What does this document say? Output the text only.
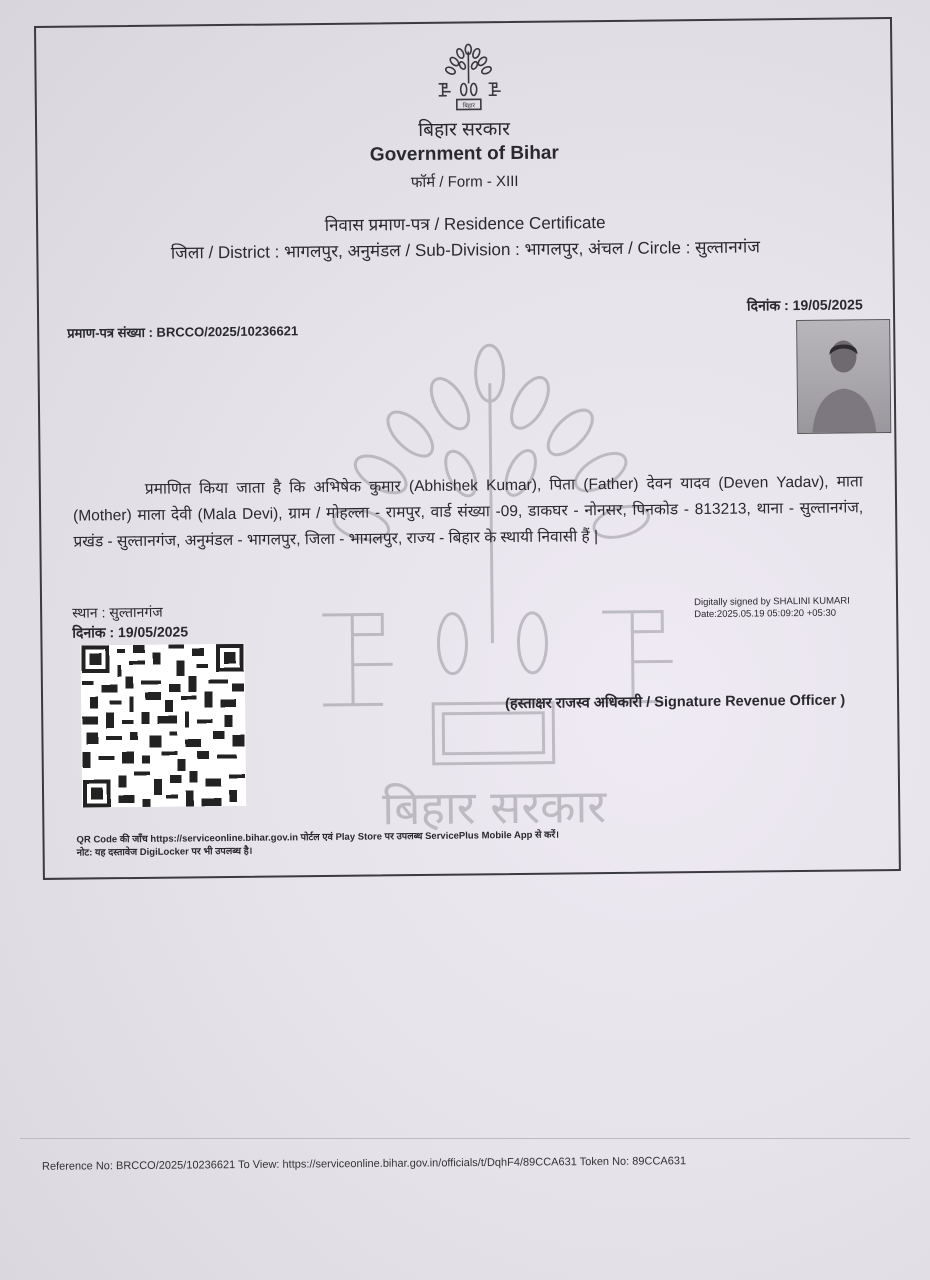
बिहार
बिहार सरकार
Government of Bihar
फॉर्म / Form - XIII
निवास प्रमाण-पत्र / Residence Certificate
जिला / District : भागलपुर, अनुमंडल / Sub-Division : भागलपुर, अंचल / Circle : सुल्तानगंज
बिहार सरकार
प्रमाण-पत्र संख्या : BRCCO/2025/10236621
दिनांक : 19/05/2025
प्रमाणित किया जाता है कि अभिषेक कुमार (Abhishek Kumar), पिता (Father) देवन यादव (Deven Yadav), माता (Mother) माला देवी (Mala Devi), ग्राम / मोहल्ला - रामपुर, वार्ड संख्या -09, डाकघर - नोनसर, पिनकोड - 813213, थाना - सुल्तानगंज, प्रखंड - सुल्तानगंज, अनुमंडल - भागलपुर, जिला - भागलपुर, राज्य - बिहार के स्थायी निवासी हैं |
स्थान : सुल्तानगंज
दिनांक : 19/05/2025
Digitally signed by SHALINI KUMARI
Date:2025.05.19 05:09:20 +05:30
(हस्ताक्षर राजस्व अधिकारी / Signature Revenue Officer )
QR Code की जाँच https://serviceonline.bihar.gov.in पोर्टल एवं Play Store पर उपलब्ध ServicePlus Mobile App से करें।
नोट: यह दस्तावेज DigiLocker पर भी उपलब्ध है।
Reference No: BRCCO/2025/10236621 To View: https://serviceonline.bihar.gov.in/officials/t/DqhF4/89CCA631 Token No: 89CCA631
